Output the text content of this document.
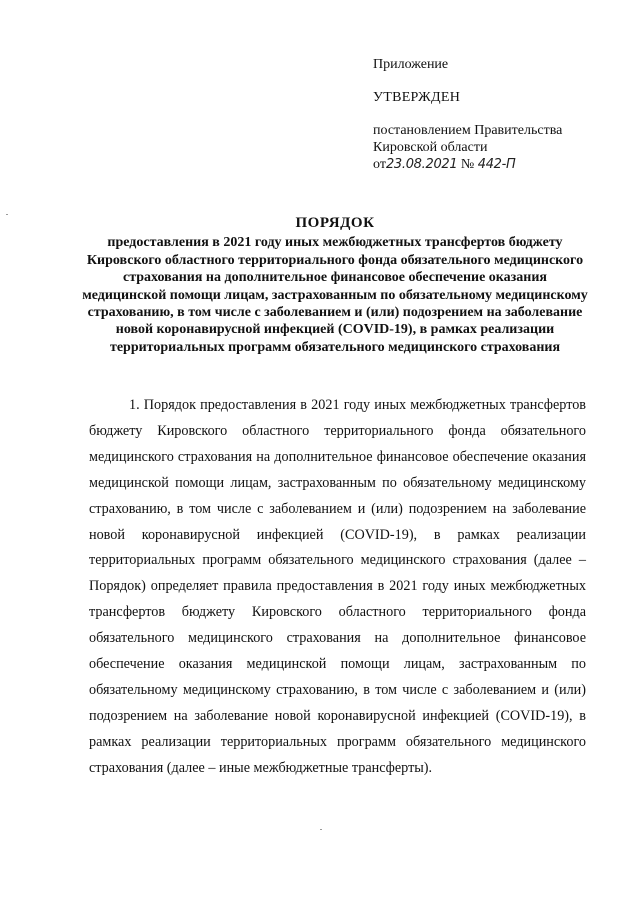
Приложение
УТВЕРЖДЕН
постановлением Правительства
Кировской области
от23.08.2021 № 442-П
ПОРЯДОК
предоставления в 2021 году иных межбюджетных трансфертов бюджету Кировского областного территориального фонда обязательного медицинского страхования на дополнительное финансовое обеспечение оказания медицинской помощи лицам, застрахованным по обязательному медицинскому страхованию, в том числе с заболеванием и (или) подозрением на заболевание новой коронавирусной инфекцией (COVID-19), в рамках реализации территориальных программ обязательного медицинского страхования

1. Порядок предоставления в 2021 году иных межбюджетных трансфертов бюджету Кировского областного территориального фонда обязательного медицинского страхования на дополнительное финансовое обеспечение оказания медицинской помощи лицам, застрахованным по обязательному медицинскому страхованию, в том числе с заболеванием и (или) подозрением на заболевание новой коронавирусной инфекцией (COVID-19), в рамках реализации территориальных программ обязательного медицинского страхования (далее – Порядок) определяет правила предоставления в 2021 году иных межбюджетных трансфертов бюджету Кировского областного территориального фонда обязательного медицинского страхования на дополнительное финансовое обеспечение оказания медицинской помощи лицам, застрахованным по обязательному медицинскому страхованию, в том числе с заболеванием и (или) подозрением на заболевание новой коронавирусной инфекцией (COVID-19), в рамках реализации территориальных программ обязательного медицинского страхования (далее – иные межбюджетные трансферты).
